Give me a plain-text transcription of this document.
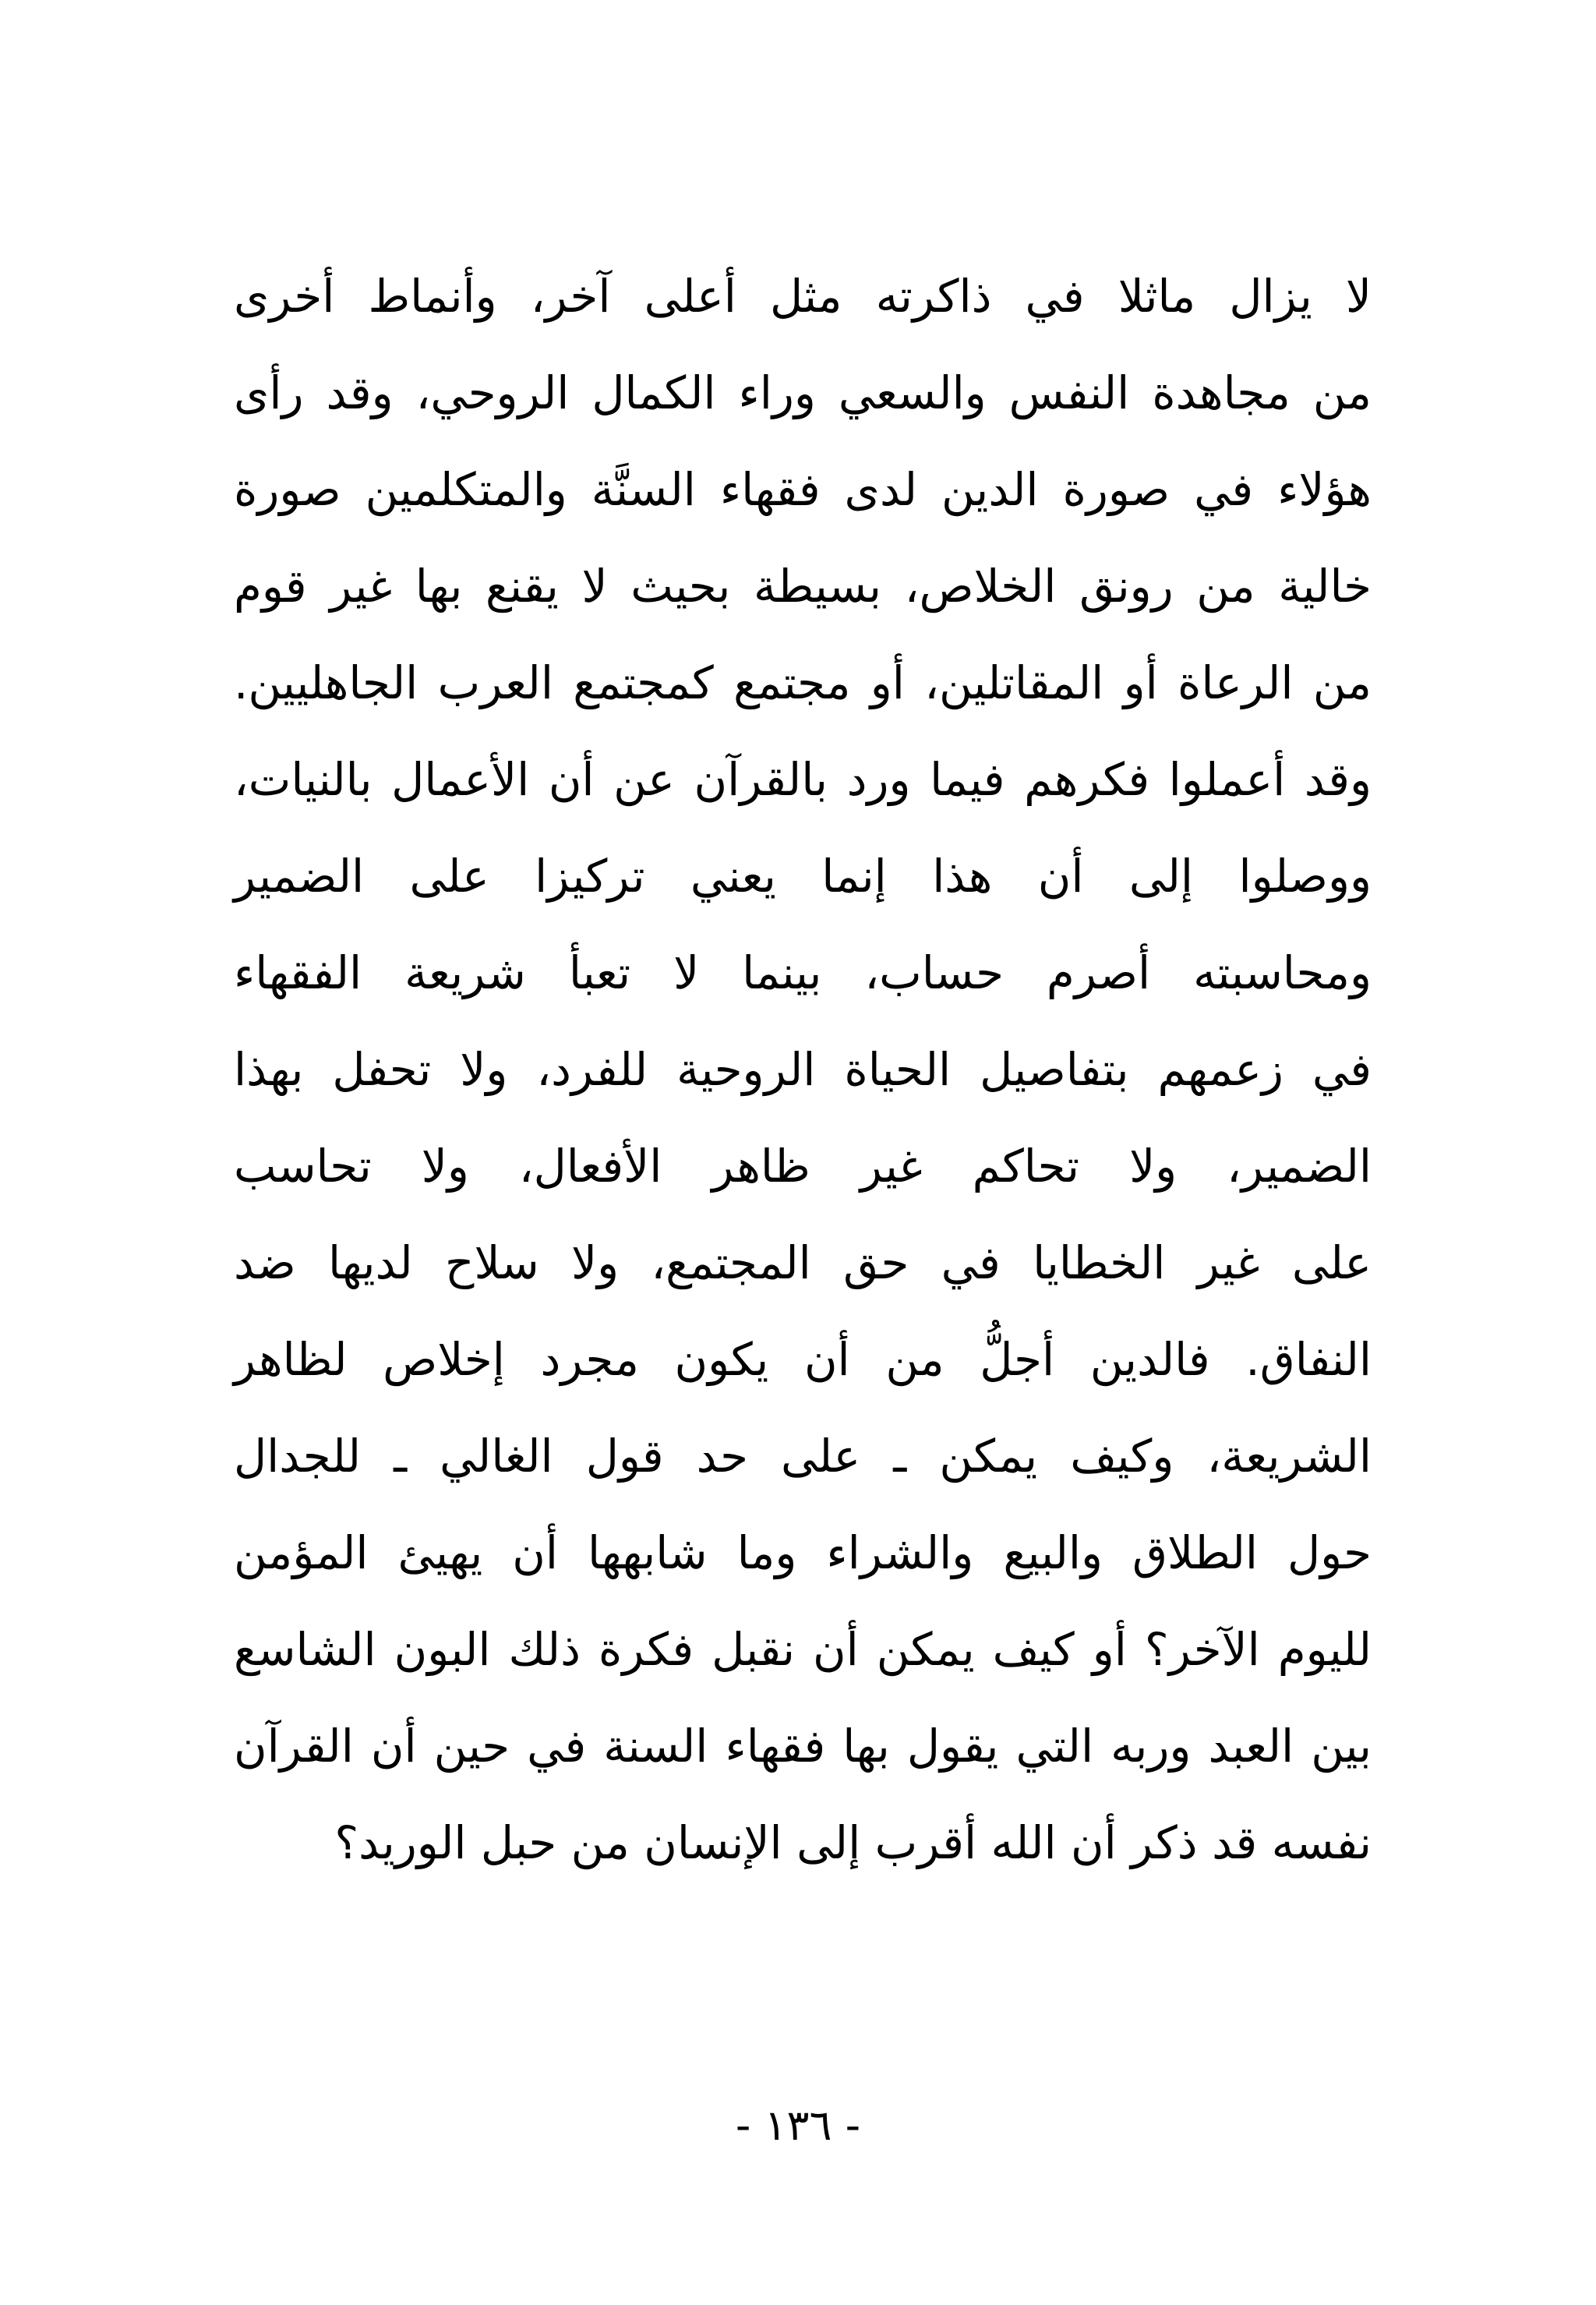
لا يزال ماثلا في ذاكرته مثل أعلى آخر، وأنماط أخرى
من مجاهدة النفس والسعي وراء الكمال الروحي، وقد رأى
هؤلاء في صورة الدين لدى فقهاء السنَّة والمتكلمين صورة
خالية من رونق الخلاص، بسيطة بحيث لا يقنع بها غير قوم
من الرعاة أو المقاتلين، أو مجتمع كمجتمع العرب الجاهليين.
وقد أعملوا فكرهم فيما ورد بالقرآن عن أن الأعمال بالنيات،
ووصلوا إلى أن هذا إنما يعني تركيزا على الضمير
ومحاسبته أصرم حساب، بينما لا تعبأ شريعة الفقهاء
في زعمهم بتفاصيل الحياة الروحية للفرد، ولا تحفل بهذا
الضمير، ولا تحاكم غير ظاهر الأفعال، ولا تحاسب
على غير الخطايا في حق المجتمع، ولا سلاح لديها ضد
النفاق. فالدين أجلُّ من أن يكون مجرد إخلاص لظاهر
الشريعة، وكيف يمكن ـ على حد قول الغالي ـ للجدال
حول الطلاق والبيع والشراء وما شابهها أن يهيئ المؤمن
لليوم الآخر؟ أو كيف يمكن أن نقبل فكرة ذلك البون الشاسع
بين العبد وربه التي يقول بها فقهاء السنة في حين أن القرآن
نفسه قد ذكر أن الله أقرب إلى الإنسان من حبل الوريد؟
- ١٣٦ -
